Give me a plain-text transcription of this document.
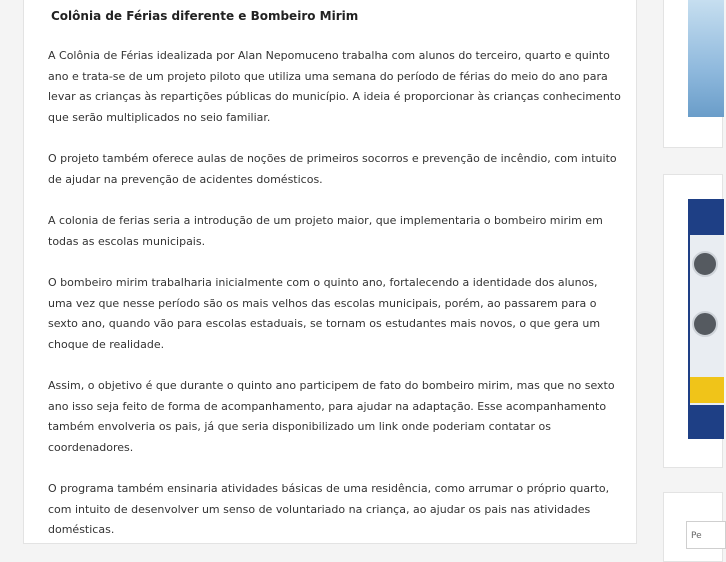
Colônia de Férias diferente e Bombeiro Mirim

A Colônia de Férias idealizada por Alan Nepomuceno trabalha com alunos do terceiro, quarto e quinto ano e trata-se de um projeto piloto que utiliza uma semana do período de férias do meio do ano para levar as crianças às repartições públicas do município. A ideia é proporcionar às crianças conhecimento que serão multiplicados no seio familiar.

O projeto também oferece aulas de noções de primeiros socorros e prevenção de incêndio, com intuito de ajudar na prevenção de acidentes domésticos.

A colonia de ferias seria a introdução de um projeto maior, que implementaria o bombeiro mirim em todas as escolas municipais.

O bombeiro mirim trabalharia inicialmente com o quinto ano, fortalecendo a identidade dos alunos, uma vez que nesse período são os mais velhos das escolas municipais, porém, ao passarem para o sexto ano, quando vão para escolas estaduais, se tornam os estudantes mais novos, o que gera um choque de realidade.

Assim, o objetivo é que durante o quinto ano participem de fato do bombeiro mirim, mas que no sexto ano isso seja feito de forma de acompanhamento, para ajudar na adaptação. Esse acompanhamento também envolveria os pais, já que seria disponibilizado um link onde poderiam contatar os coordenadores.

O programa também ensinaria atividades básicas de uma residência, como arrumar o próprio quarto, com intuito de desenvolver um senso de voluntariado na criança, ao ajudar os pais nas atividades domésticas.	Pe
